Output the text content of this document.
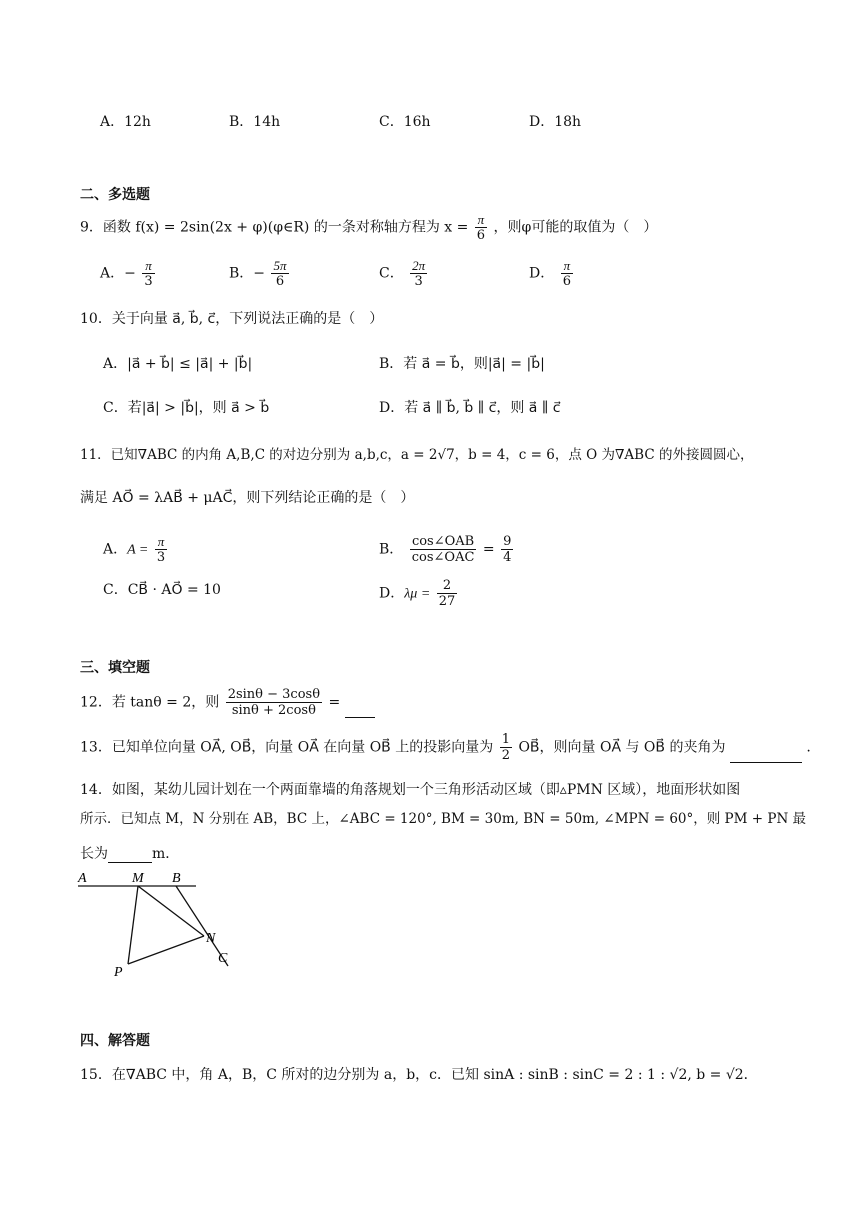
A．12h	B．14h	C．16h	D．18h
二、多选题
9．函数 f(x) = 2sin(2x + φ)(φ∈R) 的一条对称轴方程为 $x = \frac{\pi}{6}$ ，则φ可能的取值为（　）
A．− $\frac{\pi}{3}$	B．− $\frac{5\pi}{6}$	C． $\frac{2\pi}{3}$	D． $\frac{\pi}{6}$
10．关于向量 a⃗, b⃗, c⃗，下列说法正确的是（　）
A．|a⃗ + b⃗| ≤ |a⃗| + |b⃗|	B．若 a⃗ = b⃗，则|a⃗| = |b⃗|
C．若|a⃗| > |b⃗|，则 a⃗ > b⃗	D．若 a⃗ ∥ b⃗, b⃗ ∥ c⃗，则 a⃗ ∥ c⃗
11．已知∇ABC 的内角 A,B,C 的对边分别为 a,b,c，a = 2√7，b = 4，c = 6，点 O 为∇ABC 的外接圆圆心，
满足 AO⃗ = λAB⃗ + μAC⃗，则下列结论正确的是（　）
A．$A = \frac{\pi}{3}$	B． $\frac{\text{cos∠OAB}}{\text{cos∠OAC}} = \frac{9}{4}$
C．CB⃗ · AO⃗ = 10	D．$\lambda\mu = \frac{2}{27}$
三、填空题
12．若 tanθ = 2，则 $\frac{2\sin\theta - 3\cos\theta}{\sin\theta + 2\cos\theta}$ =
13．已知单位向量 OA⃗, OB⃗，向量 OA⃗ 在向量 OB⃗ 上的投影向量为 $\frac{1}{2}$ OB⃗，则向量 OA⃗ 与 OB⃗ 的夹角为	.
14．如图，某幼儿园计划在一个两面靠墙的角落规划一个三角形活动区域（即▵PMN 区域），地面形状如图
所示．已知点 M，N 分别在 AB，BC 上，∠ABC = 120°, BM = 30m, BN = 50m, ∠MPN = 60°，则 PM + PN 最
长为	m．
A	M B
N
C
P
四、解答题
15．在∇ABC 中，角 A，B，C 所对的边分别为 a，b，c．已知 sinA : sinB : sinC = 2 : 1 : √2, b = √2．
